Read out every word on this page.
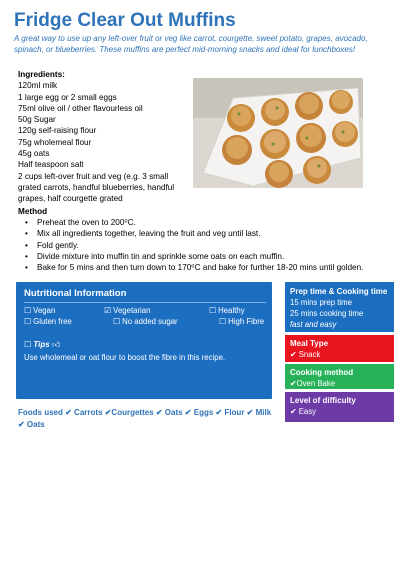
Fridge Clear Out Muffins
A great way to use up any left-over fruit or veg like carrot, courgette, sweet potato, grapes, avocado, spinach, or blueberries. These muffins are perfect mid-morning snacks and ideal for lunchboxes!
Ingredients:
120ml milk
1 large egg or 2 small eggs
75ml olive oil / other flavourless oil
50g Sugar
120g self-raising flour
75g wholemeal flour
45g oats
Half teaspoon salt
2 cups left-over fruit and veg (e.g. 3 small grated carrots, handful blueberries, handful grapes, half courgette grated
Method
• Preheat the oven to 200⁰C.
• Mix all ingredients together, leaving the fruit and veg until last.
• Fold gently.
• Divide mixture into muffin tin and sprinkle some oats on each muffin.
• Bake for 5 mins and then turn down to 170⁰C and bake for further 18-20 mins until golden.
Nutritional Information
☐ Vegan	☑ Vegetarian	☐ Healthy
☐ Gluten free	☐ No added sugar	☐ High Fibre
☐ Tips 👍︎
Use wholemeal or oat flour to boost the fibre in this recipe.
Foods used ✔ Carrots ✔Courgettes ✔ Oats ✔ Eggs ✔ Flour ✔ Milk ✔ Oats
Prep time & Cooking time
15 mins prep time
25 mins cooking time
fast and easy
Meal Type
✔ Snack
Cooking method
✔Oven Bake
Level of difficulty
✔ Easy
